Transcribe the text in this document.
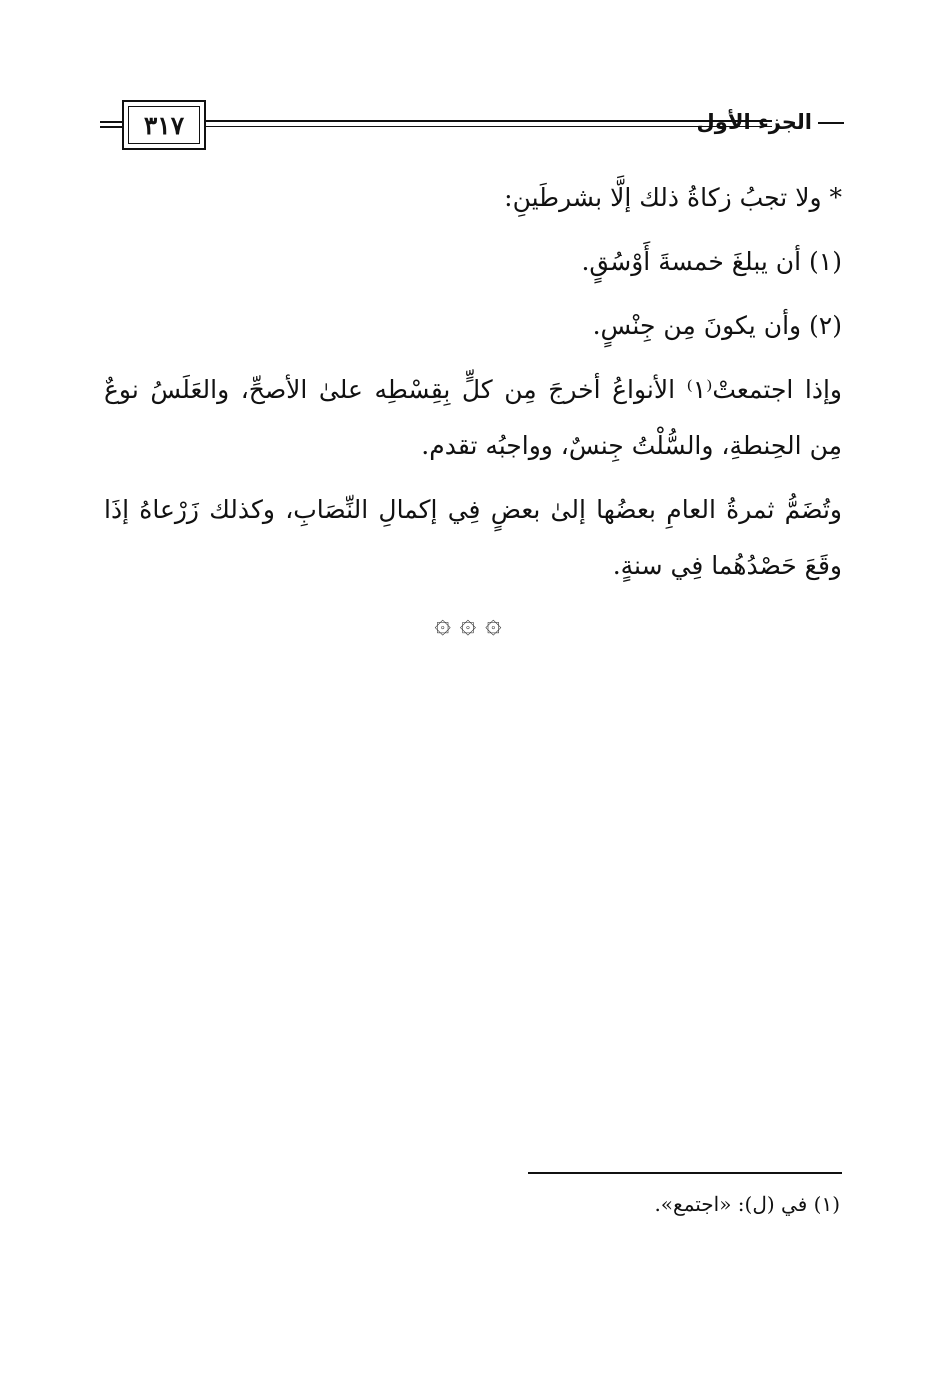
٣١٧	الجزء الأول

* ولا تجبُ زكاةُ ذلك إلَّا بشرطَينِ:

(١) أن يبلغَ خمسةَ أَوْسُقٍ.

(٢) وأن يكونَ مِن جِنْسٍ.

وإذا اجتمعتْ⁽١⁾ الأنواعُ أخرجَ مِن كلٍّ بِقِسْطِه علىٰ الأصحِّ، والعَلَسُ نوعٌ مِن الحِنطةِ، والسُّلْتُ جِنسٌ، وواجبُه تقدم.

وتُضَمُّ ثمرةُ العامِ بعضُها إلىٰ بعضٍ فِي إكمالِ النِّصَابِ، وكذلك زَرْعاهُ إذَا وقَعَ حَصْدُهُما فِي سنةٍ.

۞ ۞ ۞
(١) في (ل): «اجتمع».
